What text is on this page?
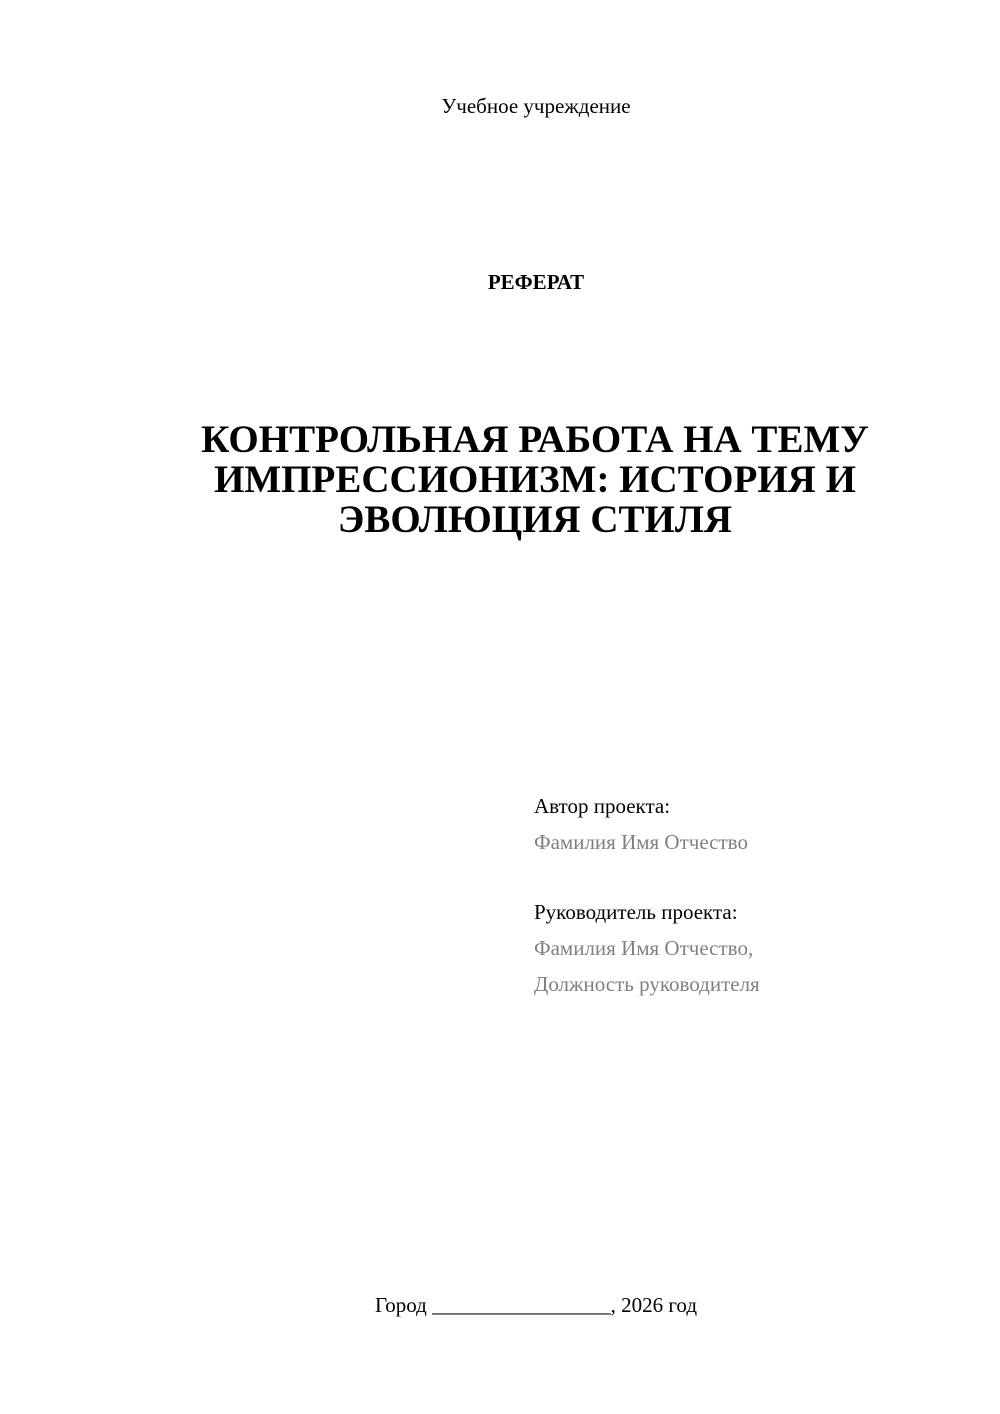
Учебное учреждение
РЕФЕРАТ
КОНТРОЛЬНАЯ РАБОТА НА ТЕМУ
ИМПРЕССИОНИЗМ: ИСТОРИЯ И
ЭВОЛЮЦИЯ СТИЛЯ
Автор проекта:
Фамилия Имя Отчество
Руководитель проекта:
Фамилия Имя Отчество,
Должность руководителя
Город _________________, 2026 год
